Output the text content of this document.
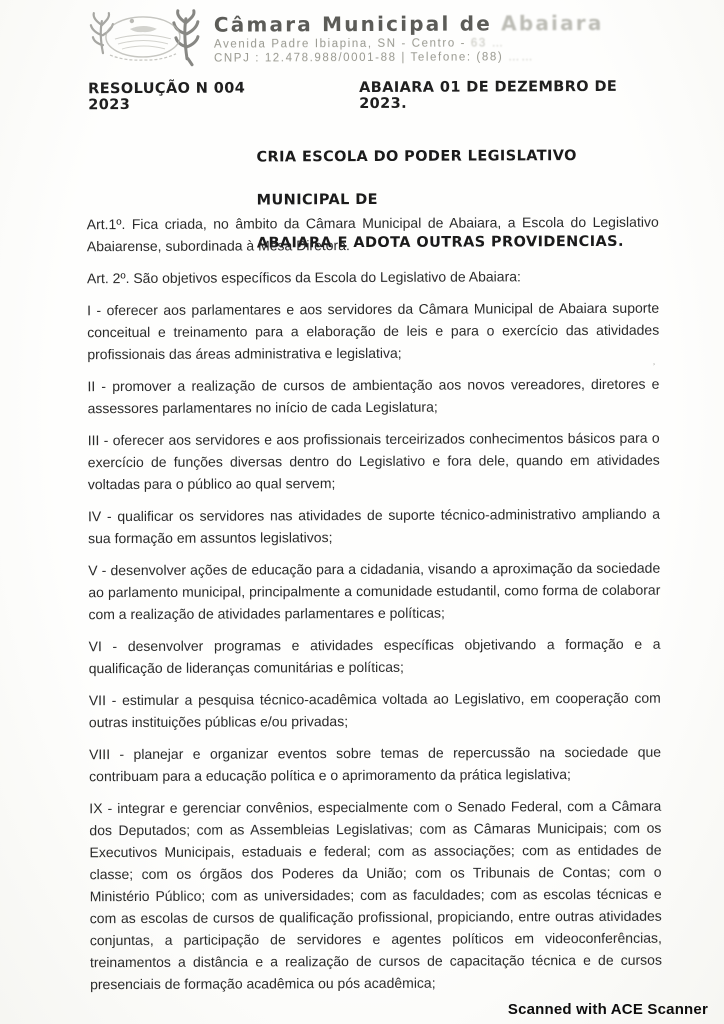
Câmara Municipal de Abaiara
Avenida Padre Ibiapina, SN - Centro - 63 …
CNPJ : 12.478.988/0001-88 | Telefone: (88) ……
RESOLUÇÃO N 004 2023
ABAIARA 01 DE DEZEMBRO DE 2023.
CRIA ESCOLA DO PODER LEGISLATIVO MUNICIPAL DE
ABAIARA E ADOTA OUTRAS PROVIDENCIAS.

Art.1º. Fica criada, no âmbito da Câmara Municipal de Abaiara, a Escola do Legislativo Abaiarense, subordinada à Mesa Diretora.

Art. 2º. São objetivos específicos da Escola do Legislativo de Abaiara:

I - oferecer aos parlamentares e aos servidores da Câmara Municipal de Abaiara suporte conceitual e treinamento para a elaboração de leis e para o exercício das atividades profissionais das áreas administrativa e legislativa;

II - promover a realização de cursos de ambientação aos novos vereadores, diretores e assessores parlamentares no início de cada Legislatura;

III - oferecer aos servidores e aos profissionais terceirizados conhecimentos básicos para o exercício de funções diversas dentro do Legislativo e fora dele, quando em atividades voltadas para o público ao qual servem;

IV - qualificar os servidores nas atividades de suporte técnico-administrativo ampliando a sua formação em assuntos legislativos;

V - desenvolver ações de educação para a cidadania, visando a aproximação da sociedade ao parlamento municipal, principalmente a comunidade estudantil, como forma de colaborar com a realização de atividades parlamentares e políticas;

VI - desenvolver programas e atividades específicas objetivando a formação e a qualificação de lideranças comunitárias e políticas;

VII - estimular a pesquisa técnico-acadêmica voltada ao Legislativo, em cooperação com outras instituições públicas e/ou privadas;

VIII - planejar e organizar eventos sobre temas de repercussão na sociedade que contribuam para a educação política e o aprimoramento da prática legislativa;

IX - integrar e gerenciar convênios, especialmente com o Senado Federal, com a Câmara dos Deputados; com as Assembleias Legislativas; com as Câmaras Municipais; com os Executivos Municipais, estaduais e federal; com as associações; com as entidades de classe; com os órgãos dos Poderes da União; com os Tribunais de Contas; com o Ministério Público; com as universidades; com as faculdades; com as escolas técnicas e com as escolas de cursos de qualificação profissional, propiciando, entre outras atividades conjuntas, a participação de servidores e agentes políticos em videoconferências, treinamentos a distância e a realização de cursos de capacitação técnica e de cursos presenciais de formação acadêmica ou pós acadêmica;

˒
Scanned with ACE Scanner
